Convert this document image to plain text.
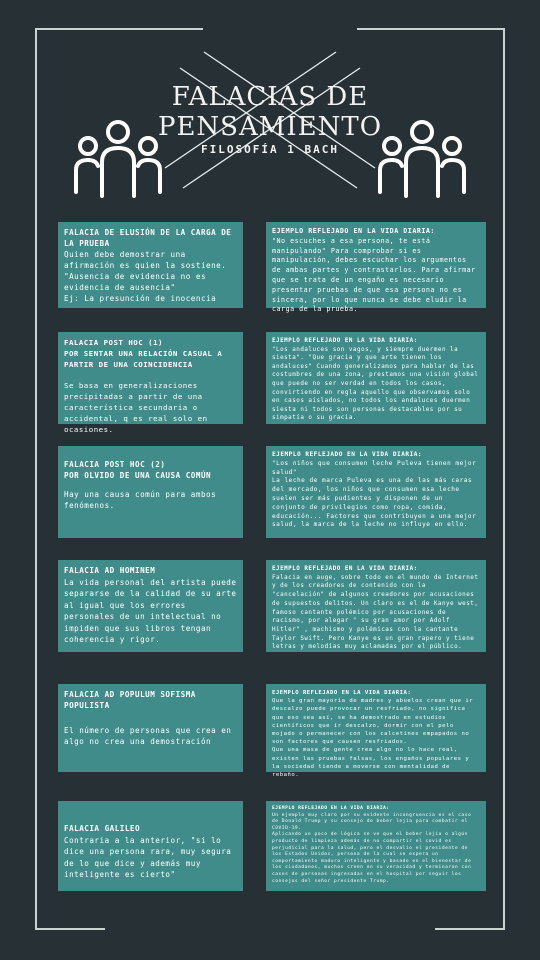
FALACIAS DE
PENSAMIENTO
FILOSOFÍA 1 BACH
FALACIA DE ELUSIÓN DE LA CARGA DE LA PRUEBA
Quien debe demostrar una afirmación es quien la sostiene.
"Ausencia de evidencia no es evidencia de ausencia"
Ej: La presunción de inocencia
EJEMPLO REFLEJADO EN LA VIDA DIARIA:
"No escuches a esa persona, te está manipulando" Para comprobar si es manipulación, debes escuchar los argumentos de ambas partes y contrastarlos. Para afirmar que se trata de un engaño es necesario presentar pruebas de que esa persona no es sincera, por lo que nunca se debe eludir la carga de la prueba.
FALACIA POST HOC (1)
POR SENTAR UNA RELACIÓN CASUAL A PARTIR DE UNA COINCIDENCIA
Se basa en generalizaciones precipitadas a partir de una característica secundaria o accidental, q es real solo en ocasiones.
EJEMPLO REFLEJADO EN LA VIDA DIARIA:
"Los andaluces son vagos, y siempre duermen la siesta". "Que gracia y que arte tienen los andaluces" Cuando generalizamos para hablar de las costumbres de una zona, prestamos una visión global que puede no ser verdad en todos los casos, convirtiendo en regla aquello que observamos solo en casos aislados, no todos los andaluces duermen siesta ni todos son personas destacables por su simpatía o su gracia.
FALACIA POST HOC (2)
POR OLVIDO DE UNA CAUSA COMÚN
Hay una causa común para ambos fenómenos.
EJEMPLO REFLEJADO EN LA VIDA DIARIA:
"Los niños que consumen leche Puleva tienen mejor salud"
La leche de marca Puleva es una de las más caras del mercado, los niños que consumen esa leche suelen ser más pudientes y disponen de un conjunto de privilegios como ropa, comida, educación... Factores que contribuyen a una mejor salud, la marca de la leche no influye en ello.
FALACIA AD HOMINEM
La vida personal del artista puede separarse de la calidad de su arte al igual que los errores personales de un intelectual no impiden que sus libros tengan coherencia y rigor.
EJEMPLO REFLEJADO EN LA VIDA DIARIA:
Falacia en auge, sobre todo en el mundo de Internet y de los creadores de contenido con la "cancelación" de algunos creadores por acusaciones de supuestos delitos. Un claro es el de Kanye west, famoso cantante polémico por acusaciones de racismo, por alegar " su gran amor por Adolf Hitler" , machismo y polémicas con la cantante Taylor Swift. Pero Kanye es un gran rapero y tiene letras y melodías muy aclamadas por el público.
FALACIA AD POPULUM SOFISMA POPULISTA
El número de personas que crea en algo no crea una demostración
EJEMPLO REFLEJADO EN LA VIDA DIARIA:
Que la gran mayoría de madres y abuelos crean que ir descalzo puede provocar un resfriado, no significa que eso sea así, se ha demostrado en estudios científicos que ir descalzo, dormir con el pelo mojado o permanecer con los calcetines empapados no son factores que causen resfriados.
Que una masa de gente crea algo no lo hace real, existen las pruebas falsas, los engaños populares y la sociedad tiende a moverse con mentalidad de rebaño.
FALACIA GALILEO
Contraria a la anterior, "si lo dice una persona rara, muy segura de lo que dice y además muy inteligente es cierto"
EJEMPLO REFLEJADO EN LA VIDA DIARIA:
Un ejemplo muy claro por su evidente incongruencia es el caso de Donald Trump y su consejo de beber lejía para combatir el COVID-19.
Aplicando un poco de lógica se ve que el beber lejía o algún producto de limpieza además de no compartir el covid es perjudicial para la salud, pero el desvalío el presidente de los Estados Unidos, persona de la cual se espera un comportamiento maduro inteligente y basado en el bienestar de los ciudadanos, muchos creen en su veracidad y terminaron con casos de personas ingresadas en el hospital por seguir los consejos del señor presidente Trump.
